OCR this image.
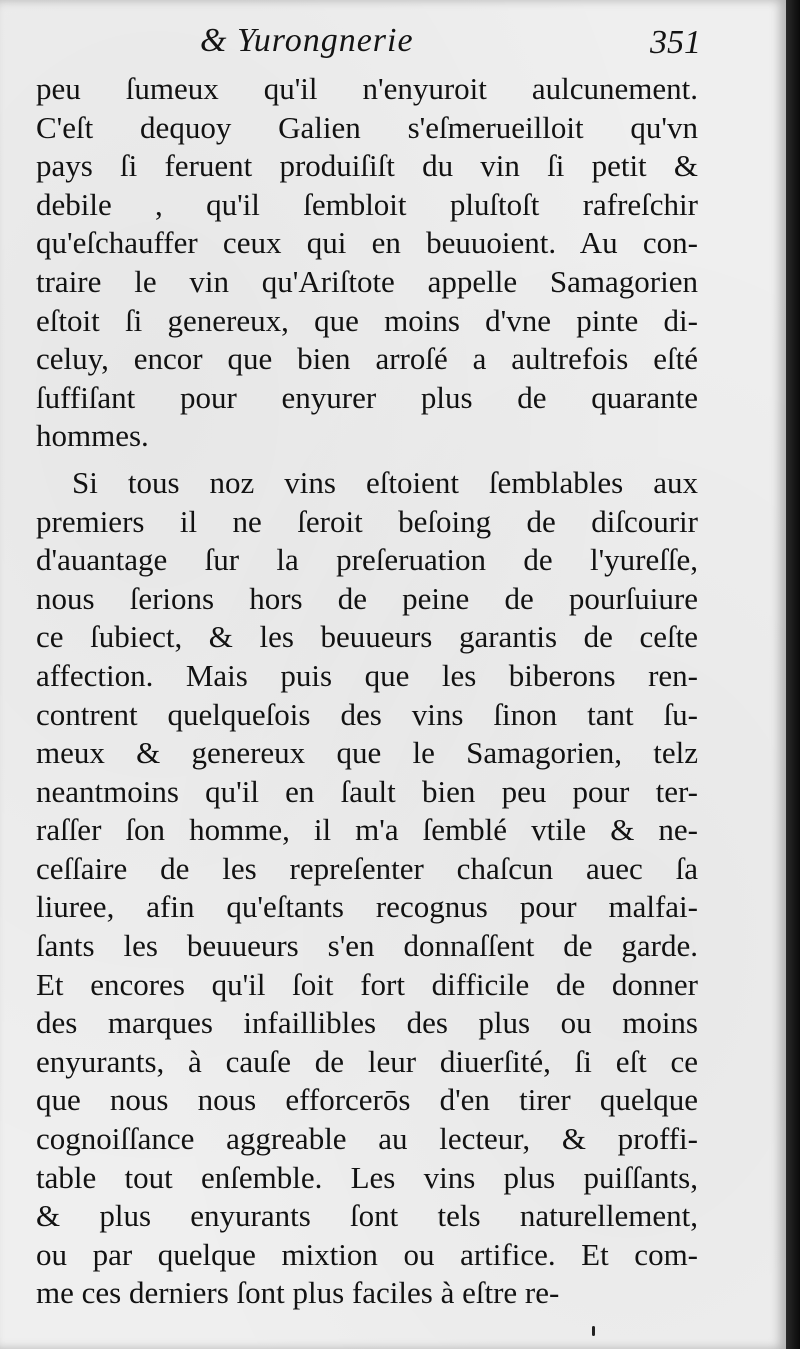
& Yurongnerie	351
peu ſumeux qu'il n'enyuroit aulcunement.
C'eſt dequoy Galien s'eſmerueilloit qu'vn
pays ſi feruent produiſiſt du vin ſi petit &
debile , qu'il ſembloit pluſtoſt rafreſchir
qu'eſchauffer ceux qui en beuuoient. Au con-
traire le vin qu'Ariſtote appelle Samagorien
eſtoit ſi genereux, que moins d'vne pinte di-
celuy, encor que bien arroſé a aultrefois eſté
ſuffiſant pour enyurer plus de quarante
hommes.
Si tous noz vins eſtoient ſemblables aux
premiers il ne ſeroit beſoing de diſcourir
d'auantage ſur la preſeruation de l'yureſſe,
nous ſerions hors de peine de pourſuiure
ce ſubiect, & les beuueurs garantis de ceſte
affection. Mais puis que les biberons ren-
contrent quelqueſois des vins ſinon tant ſu-
meux & genereux que le Samagorien, telz
neantmoins qu'il en ſault bien peu pour ter-
raſſer ſon homme, il m'a ſemblé vtile & ne-
ceſſaire de les repreſenter chaſcun auec ſa
liuree, afin qu'eſtants recognus pour malfai-
ſants les beuueurs s'en donnaſſent de garde.
Et encores qu'il ſoit fort difficile de donner
des marques infaillibles des plus ou moins
enyurants, à cauſe de leur diuerſité, ſi eſt ce
que nous nous efforcerōs d'en tirer quelque
cognoiſſance aggreable au lecteur, & proffi-
table tout enſemble. Les vins plus puiſſants,
& plus enyurants ſont tels naturellement,
ou par quelque mixtion ou artifice. Et com-
me ces derniers ſont plus faciles à eſtre re-
